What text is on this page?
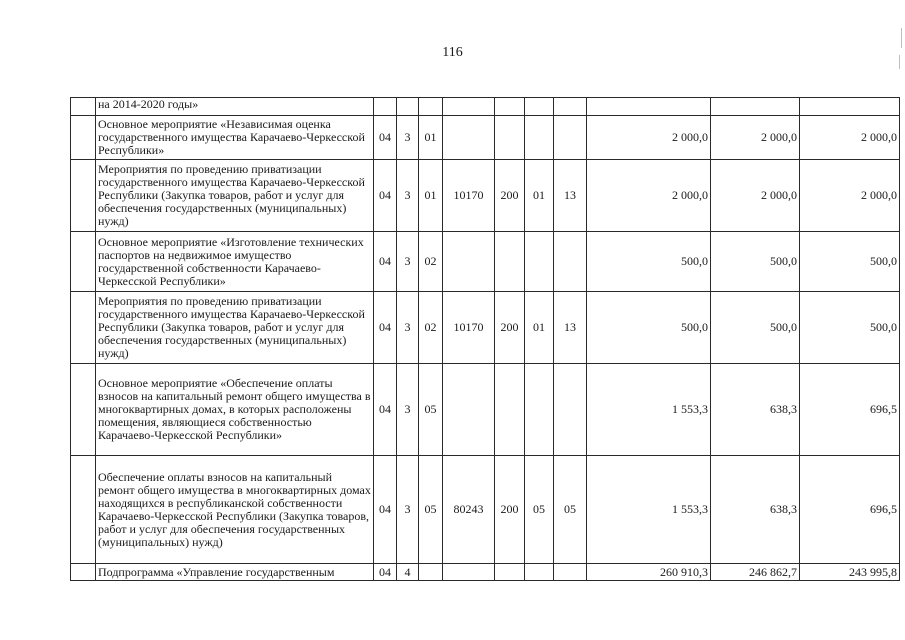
116
	на 2014-2020 годы»										
	Основное мероприятие «Независимая оценка государственного имущества Карачаево-Черкесской Республики»	04	3	01					2 000,0	2 000,0	2 000,0
	Мероприятия по проведению приватизации государственного имущества Карачаево-Черкесской Республики (Закупка товаров, работ и услуг для обеспечения государственных (муниципальных) нужд)	04	3	01	10170	200	01	13	2 000,0	2 000,0	2 000,0
	Основное мероприятие «Изготовление технических паспортов на недвижимое имущество государственной собственности Карачаево-Черкесской Республики»	04	3	02					500,0	500,0	500,0
	Мероприятия по проведению приватизации государственного имущества Карачаево-Черкесской Республики (Закупка товаров, работ и услуг для обеспечения государственных (муниципальных) нужд)	04	3	02	10170	200	01	13	500,0	500,0	500,0
	Основное мероприятие «Обеспечение оплаты взносов на капитальный ремонт общего имущества в многоквартирных домах, в которых расположены помещения, являющиеся собственностью Карачаево-Черкесской Республики»	04	3	05					1 553,3	638,3	696,5
	Обеспечение оплаты взносов на капитальный ремонт общего имущества в многоквартирных домах находящихся в республиканской собственности Карачаево-Черкесской Республики (Закупка товаров, работ и услуг для обеспечения государственных (муниципальных) нужд)	04	3	05	80243	200	05	05	1 553,3	638,3	696,5
	Подпрограмма «Управление государственным	04	4						260 910,3	246 862,7	243 995,8
